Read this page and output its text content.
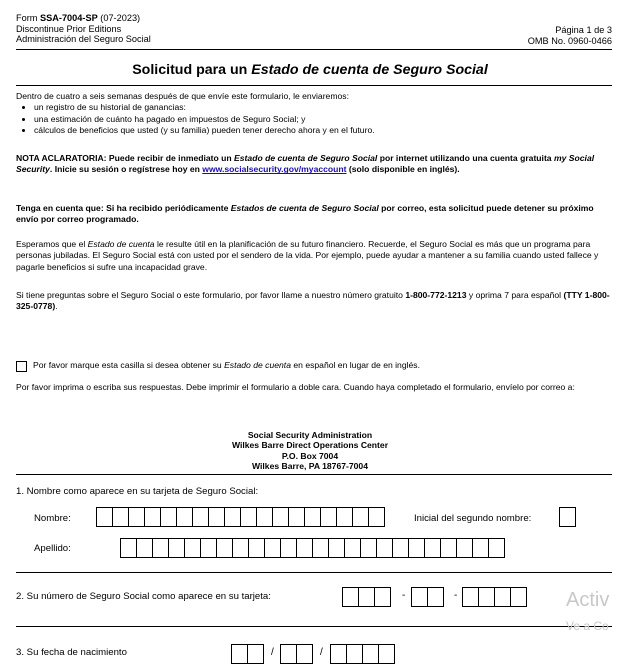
Form SSA-7004-SP (07-2023)
Discontinue Prior Editions
Administración del Seguro Social
Página 1 de 3
OMB No. 0960-0466
Solicitud para un Estado de cuenta de Seguro Social
Dentro de cuatro a seis semanas después de que envíe este formulario, le enviaremos:
• un registro de su historial de ganancias:
• una estimación de cuánto ha pagado en impuestos de Seguro Social; y
• cálculos de beneficios que usted (y su familia) pueden tener derecho ahora y en el futuro.
NOTA ACLARATORIA: Puede recibir de inmediato un Estado de cuenta de Seguro Social por internet utilizando una cuenta gratuita my Social Security. Inicie su sesión o regístrese hoy en www.socialsecurity.gov/myaccount (solo disponible en inglés).
Tenga en cuenta que: Si ha recibido periódicamente Estados de cuenta de Seguro Social por correo, esta solicitud puede detener su próximo envío por correo programado.
Esperamos que el Estado de cuenta le resulte útil en la planificación de su futuro financiero. Recuerde, el Seguro Social es más que un programa para personas jubiladas. El Seguro Social está con usted por el sendero de la vida. Por ejemplo, puede ayudar a mantener a su familia cuando usted fallece y pagarle beneficios si sufre una incapacidad grave.
Si tiene preguntas sobre el Seguro Social o este formulario, por favor llame a nuestro número gratuito 1-800-772-1213 y oprima 7 para español (TTY 1-800-325-0778).
Por favor marque esta casilla si desea obtener su Estado de cuenta en español en lugar de en inglés.
Por favor imprima o escriba sus respuestas. Debe imprimir el formulario a doble cara. Cuando haya completado el formulario, envíelo por correo a:
Social Security Administration
Wilkes Barre Direct Operations Center
P.O. Box 7004
Wilkes Barre, PA 18767-7004
1. Nombre como aparece en su tarjeta de Seguro Social:
Nombre:	Inicial del segundo nombre:
Apellido:
2. Su número de Seguro Social como aparece en su tarjeta:	-	-
3. Su fecha de nacimiento	/	/
Activ
Ve a Co
